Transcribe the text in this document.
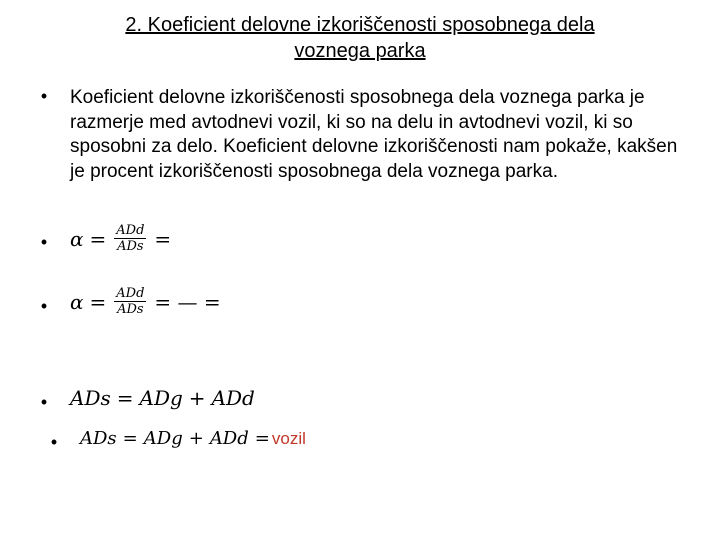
2. Koeficient delovne izkoriščenosti sposobnega dela
voznega parka
• Koeficient delovne izkoriščenosti sposobnega dela voznega parka je razmerje med avtodnevi vozil, ki so na delu in avtodnevi vozil, ki so sposobni za delo. Koeficient delovne izkoriščenosti nam pokaže, kakšen je procent izkoriščenosti sposobnega dela voznega parka.
• $\alpha = \frac{\text{ADd}}{\text{ADs}}$ =
• $\alpha = \frac{\text{ADd}}{\text{ADs}}$ = — =
• ADs = ADg + ADd
• ADs = ADg + ADd = vozil
